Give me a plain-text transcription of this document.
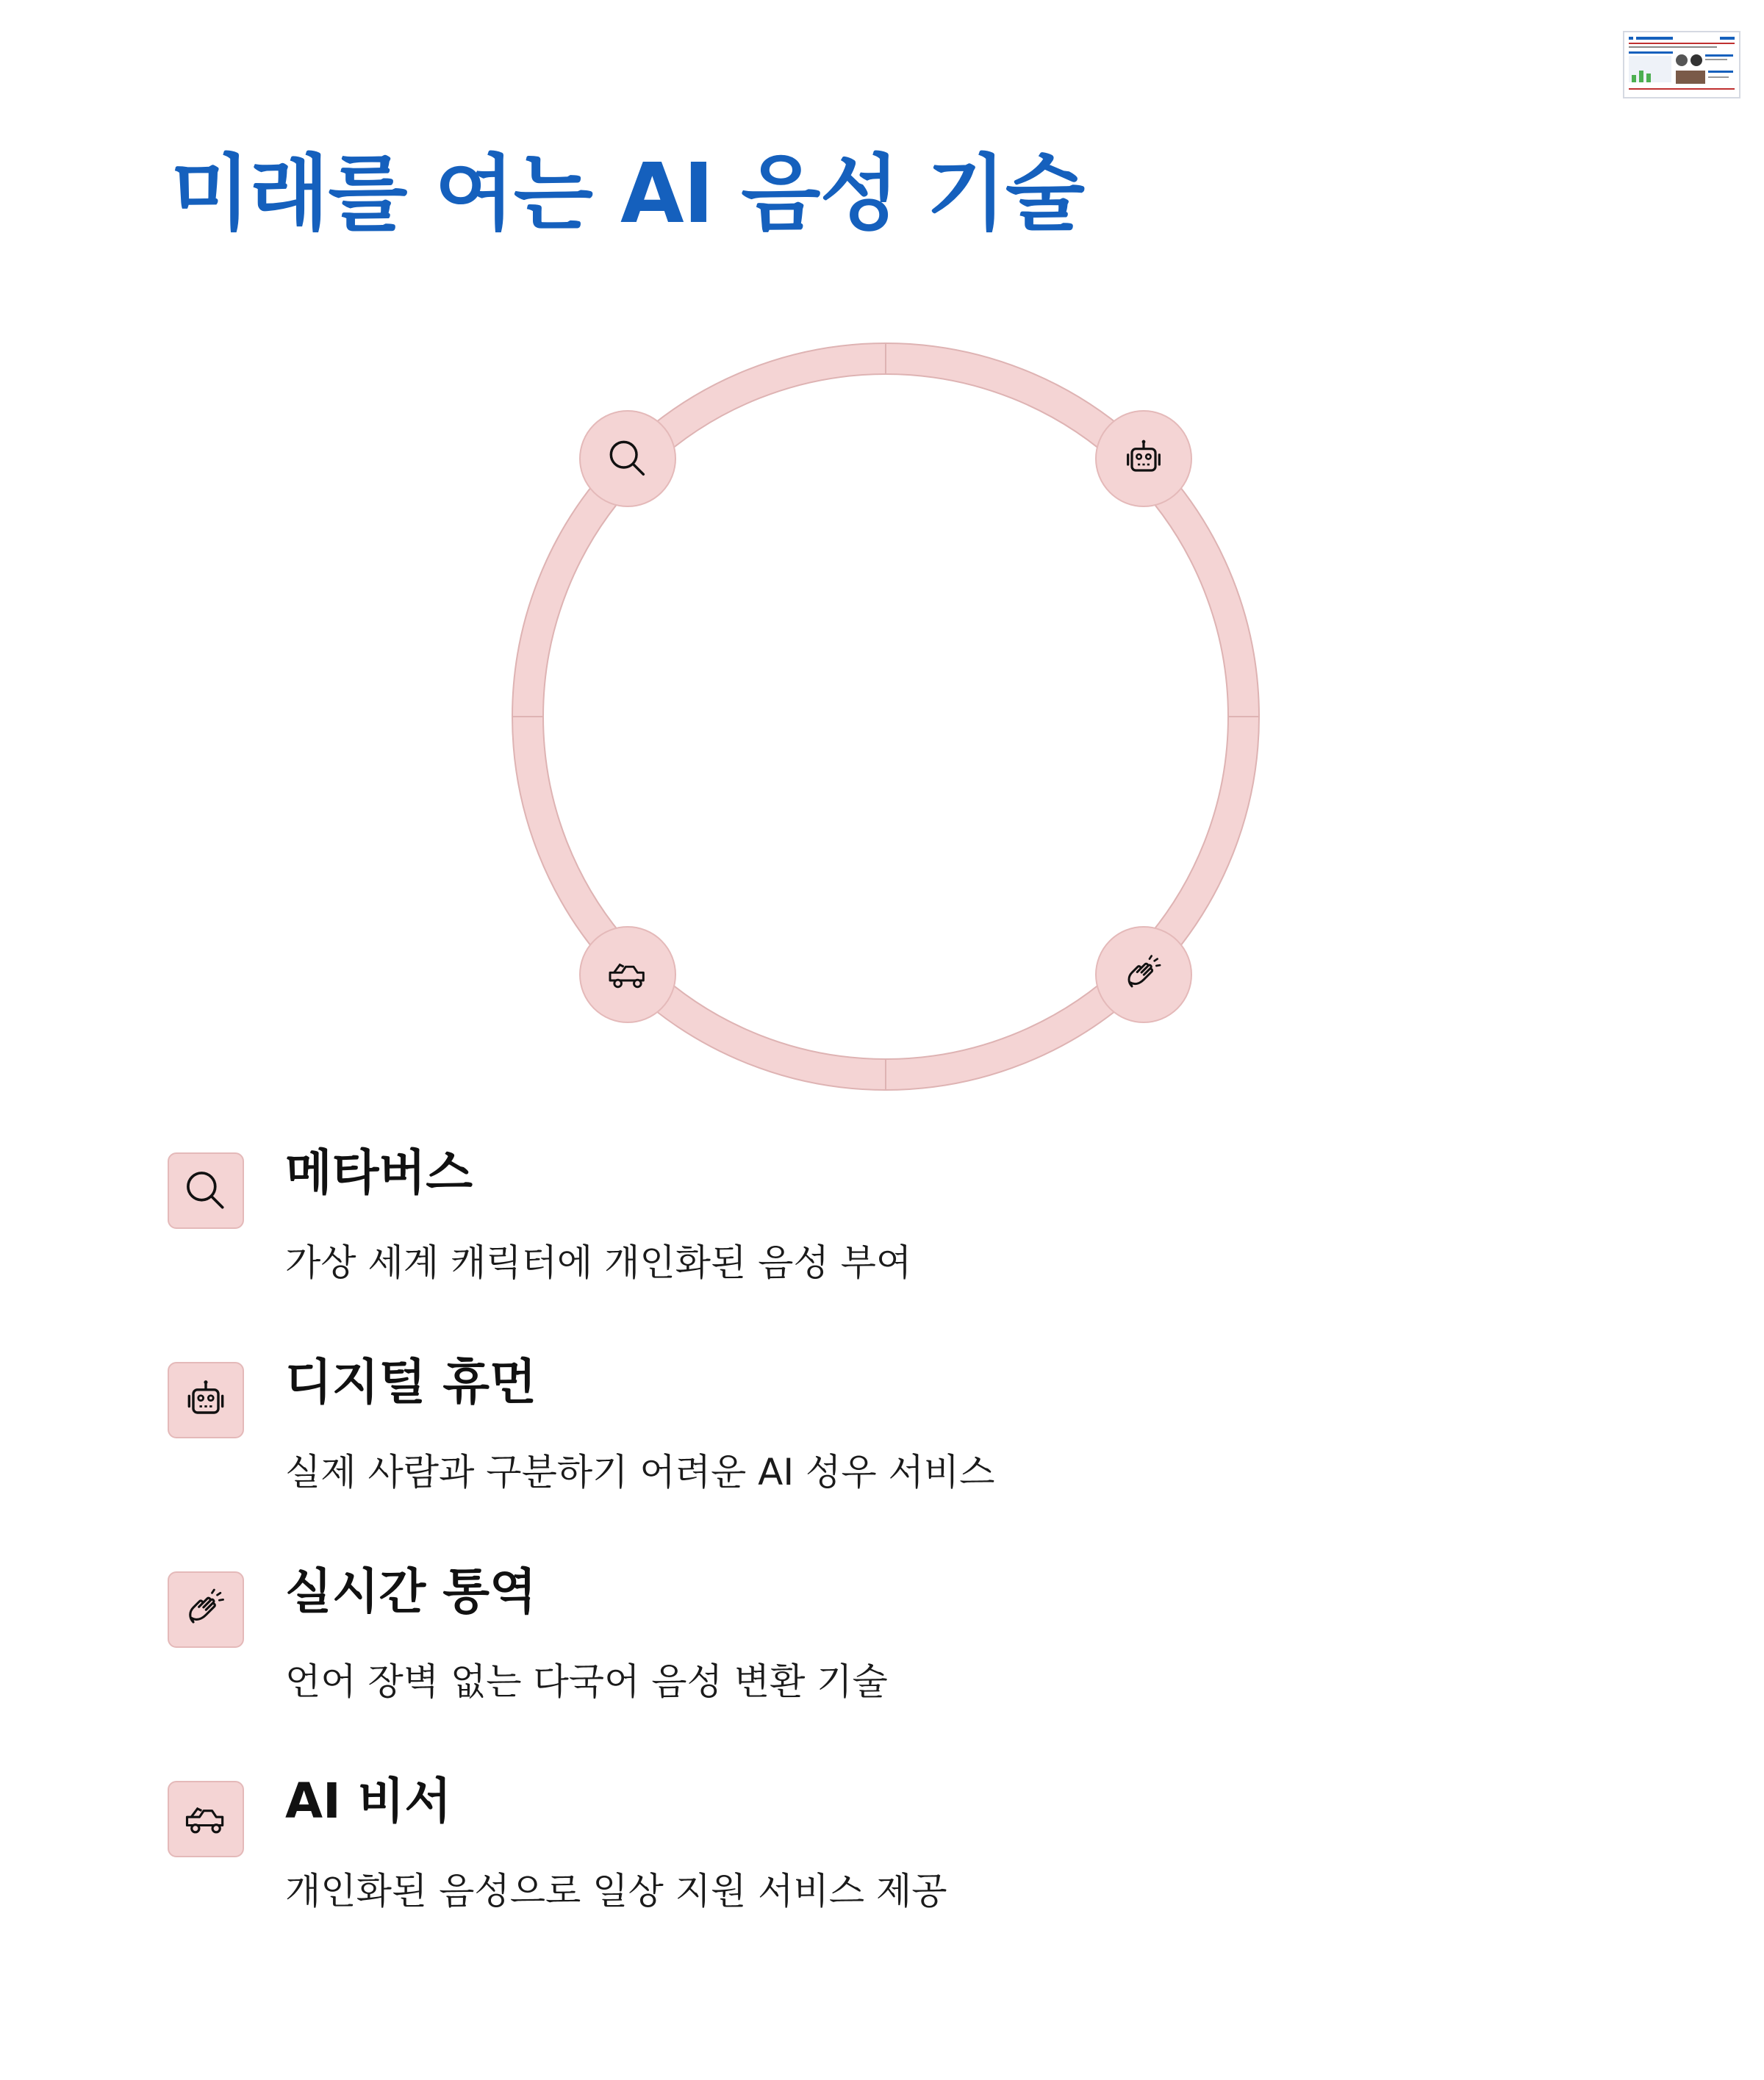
미래를 여는 AI 음성 기술
메타버스

가상 세계 캐릭터에 개인화된 음성 부여

디지털 휴먼

실제 사람과 구분하기 어려운 AI 성우 서비스

실시간 통역

언어 장벽 없는 다국어 음성 변환 기술

AI 비서

개인화된 음성으로 일상 지원 서비스 제공
